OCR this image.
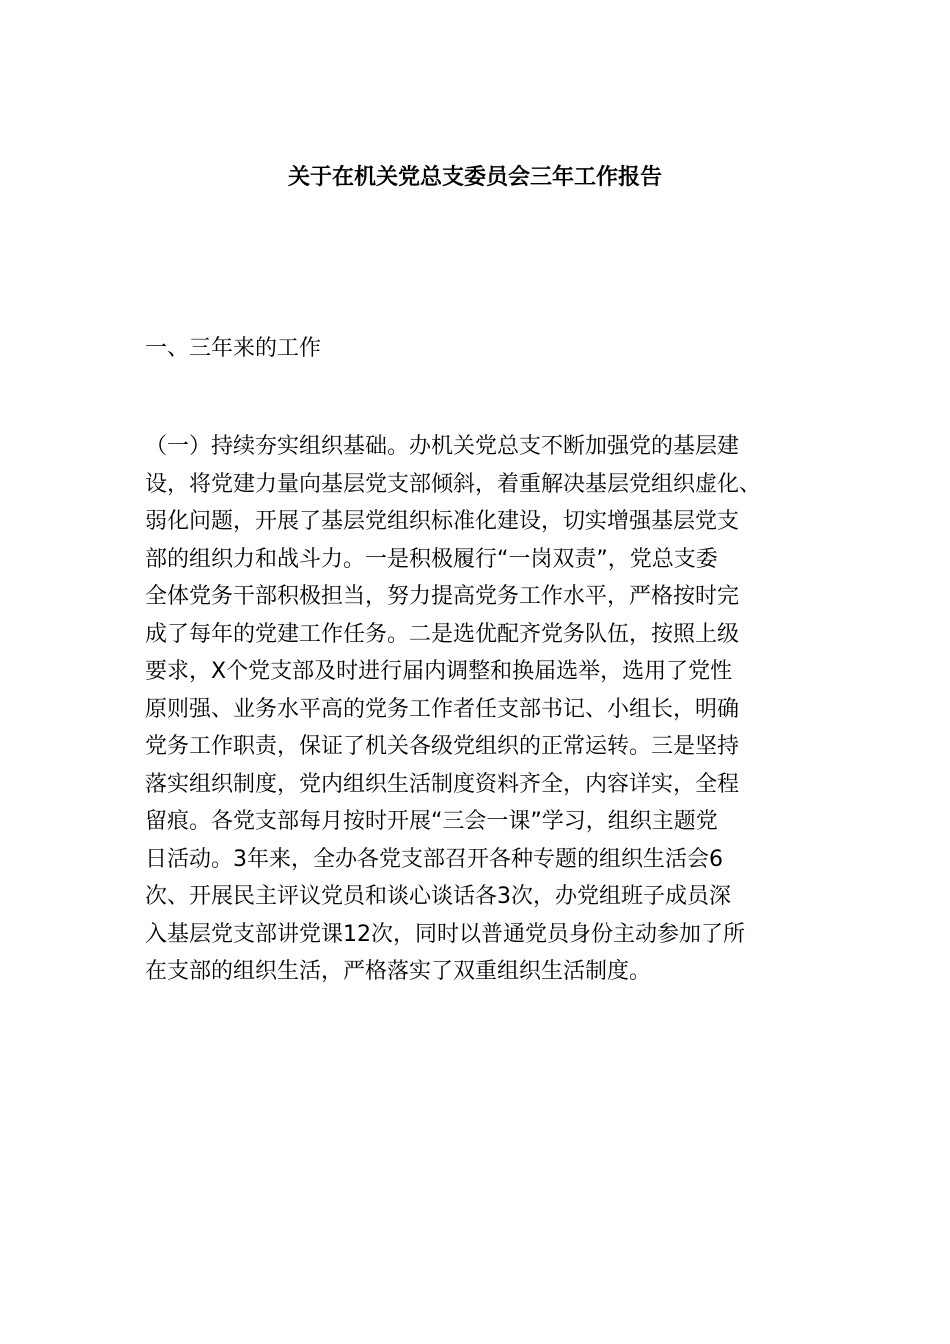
关于在机关党总支委员会三年工作报告

一、三年来的工作

（一）持续夯实组织基础。办机关党总支不断加强党的基层建
设，将党建力量向基层党支部倾斜，着重解决基层党组织虚化、
弱化问题，开展了基层党组织标准化建设，切实增强基层党支
部的组织力和战斗力。一是积极履行“一岗双责”，党总支委
全体党务干部积极担当，努力提高党务工作水平，严格按时完
成了每年的党建工作任务。二是选优配齐党务队伍，按照上级
要求，X个党支部及时进行届内调整和换届选举，选用了党性
原则强、业务水平高的党务工作者任支部书记、小组长，明确
党务工作职责，保证了机关各级党组织的正常运转。三是坚持
落实组织制度，党内组织生活制度资料齐全，内容详实，全程
留痕。各党支部每月按时开展“三会一课”学习，组织主题党
日活动。3年来，全办各党支部召开各种专题的组织生活会6
次、开展民主评议党员和谈心谈话各3次，办党组班子成员深
入基层党支部讲党课12次，同时以普通党员身份主动参加了所
在支部的组织生活，严格落实了双重组织生活制度。
